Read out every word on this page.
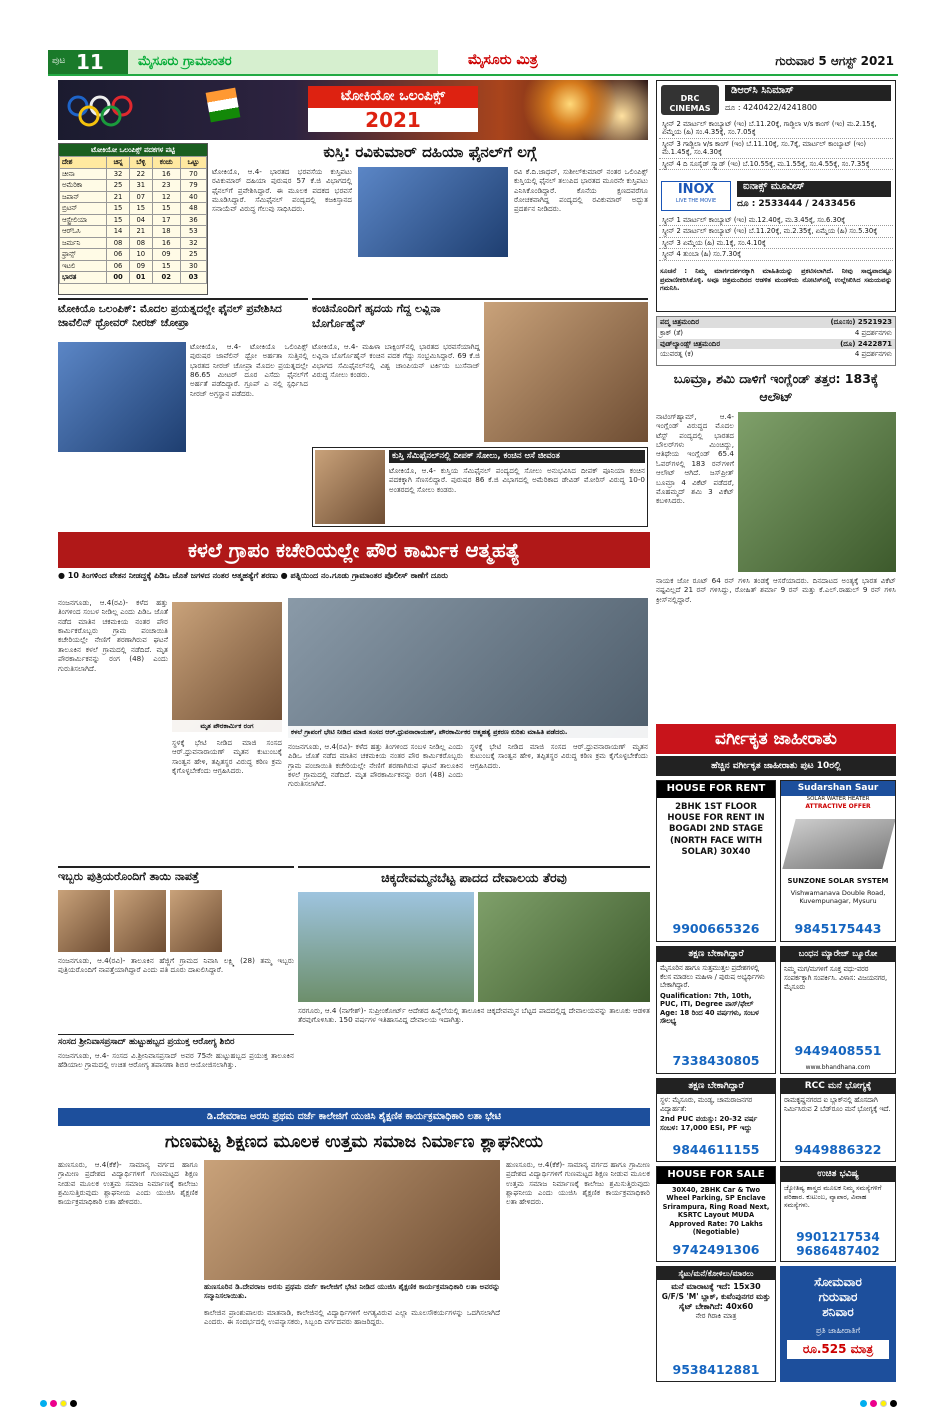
ಪುಟ 11	ಮೈಸೂರು ಗ್ರಾಮಾಂತರ	ಮೈಸೂರು ಮಿತ್ರ	ಗುರುವಾರ 5 ಆಗಸ್ಟ್ 2021
ಟೋಕಿಯೋ ಒಲಂಪಿಕ್ಸ್
2021
ಟೋಕಿಯೋ ಒಲಂಪಿಕ್ಸ್ ಪದಕಗಳ ಪಟ್ಟಿ
ದೇಶ	ಚಿನ್ನ	ಬೆಳ್ಳಿ	ಕಂಚು	ಒಟ್ಟು
ಚೀನಾ	32	22	16	70
ಅಮೆರಿಕಾ	25	31	23	79
ಜಪಾನ್	21	07	12	40
ಬ್ರಿಟನ್	15	15	15	48
ಆಸ್ಟ್ರೇಲಿಯಾ	15	04	17	36
ಆರ್‌ಓಸಿ	14	21	18	53
ಜರ್ಮನಿ	08	08	16	32
ಫ್ರಾನ್ಸ್	06	10	09	25
ಇಟಲಿ	06	09	15	30
ಭಾರತ	00	01	02	03
ಕುಸ್ತಿ: ರವಿಕುಮಾರ್ ದಹಿಯಾ ಫೈನಲ್‌ಗೆ ಲಗ್ಗೆ
ಟೋಕಿಯೊ, ಆ.4- ಭಾರತದ ಭರವಸೆಯ ಕುಸ್ತಿಪಟು ರವಿಕುಮಾರ್ ದಹಿಯಾ ಪುರುಷರ 57 ಕೆ.ಜಿ ವಿಭಾಗದಲ್ಲಿ ಫೈನಲ್‌ಗೆ ಪ್ರವೇಶಿಸಿದ್ದಾರೆ. ಈ ಮೂಲಕ ಪದಕದ ಭರವಸೆ ಮೂಡಿಸಿದ್ದಾರೆ. ಸೆಮಿಫೈನಲ್ ಪಂದ್ಯದಲ್ಲಿ ಕಜಕಿಸ್ತಾನದ ಸನಾಯೆವ್ ವಿರುದ್ಧ ಗೆಲುವು ಸಾಧಿಸಿದರು.
ರವಿ ಕೆ.ದಿ.ಜಾಧವ್, ಸುಶೀಲ್‌ಕುಮಾರ್ ನಂತರ ಒಲಿಂಪಿಕ್ಸ್ ಕುಸ್ತಿಯಲ್ಲಿ ಫೈನಲ್ ತಲುಪಿದ ಭಾರತದ ಮೂರನೇ ಕುಸ್ತಿಪಟು ಎನಿಸಿಕೊಂಡಿದ್ದಾರೆ. ಕೊನೆಯ ಕ್ಷಣದವರೆಗೂ ರೋಚಕವಾಗಿದ್ದ ಪಂದ್ಯದಲ್ಲಿ ರವಿಕುಮಾರ್ ಅದ್ಭುತ ಪ್ರದರ್ಶನ ನೀಡಿದರು.
ಟೋಕಿಯೊ ಒಲಂಪಿಕ್: ಮೊದಲ ಪ್ರಯತ್ನದಲ್ಲೇ ಫೈನಲ್ ಪ್ರವೇಶಿಸಿದ ಜಾವೆಲಿನ್ ಥ್ರೋವರ್ ನೀರಜ್ ಚೋಪ್ರಾ
ಟೋಕಿಯೊ, ಆ.4- ಟೋಕಿಯೊ ಒಲಿಂಪಿಕ್ಸ್ ಪುರುಷರ ಜಾವೆಲಿನ್ ಥ್ರೋ ಅರ್ಹತಾ ಸುತ್ತಿನಲ್ಲಿ ಭಾರತದ ನೀರಜ್ ಚೋಪ್ರಾ ಮೊದಲ ಪ್ರಯತ್ನದಲ್ಲೇ 86.65 ಮೀಟರ್ ದೂರ ಎಸೆದು ಫೈನಲ್‌ಗೆ ಅರ್ಹತೆ ಪಡೆದಿದ್ದಾರೆ. ಗ್ರೂಪ್ ಎ ನಲ್ಲಿ ಸ್ಪರ್ಧಿಸಿದ ನೀರಜ್ ಅಗ್ರಸ್ಥಾನ ಪಡೆದರು.
ಕಂಚಿನೊಂದಿಗೆ ಹೃದಯ ಗೆದ್ದ ಲವ್ಲಿನಾ ಬೊರ್ಗೊಹೈನ್
ಟೋಕಿಯೊ, ಆ.4- ಮಹಿಳಾ ಬಾಕ್ಸಿಂಗ್‌ನಲ್ಲಿ ಭಾರತದ ಭರವಸೆಯಾಗಿದ್ದ ಲವ್ಲಿನಾ ಬೊರ್ಗೊಹೈನ್ ಕಂಚಿನ ಪದಕ ಗೆದ್ದು ಸಂಭ್ರಮಿಸಿದ್ದಾರೆ. 69 ಕೆ.ಜಿ ವಿಭಾಗದ ಸೆಮಿಫೈನಲ್‌ನಲ್ಲಿ ವಿಶ್ವ ಚಾಂಪಿಯನ್ ಟರ್ಕಿಯ ಬುಸೆನಾಜ್ ವಿರುದ್ಧ ಸೋಲು ಕಂಡರು.
ಕುಸ್ತಿ ಸೆಮಿಫೈನಲ್‌ನಲ್ಲಿ ದೀಪಕ್ ಸೋಲು, ಕಂಚಿನ ಆಸೆ ಜೀವಂತ
ಟೋಕಿಯೊ, ಆ.4- ಕುಸ್ತಿಯ ಸೆಮಿಫೈನಲ್ ಪಂದ್ಯದಲ್ಲಿ ಸೋಲು ಅನುಭವಿಸಿದ ದೀಪಕ್ ಪೂನಿಯಾ ಕಂಚಿನ ಪದಕಕ್ಕಾಗಿ ಸೆಣಸಲಿದ್ದಾರೆ. ಪುರುಷರ 86 ಕೆ.ಜಿ ವಿಭಾಗದಲ್ಲಿ ಅಮೆರಿಕಾದ ಡೇವಿಡ್ ಮೋರಿಸ್ ವಿರುದ್ಧ 10-0 ಅಂತರದಲ್ಲಿ ಸೋಲು ಕಂಡರು.
DRC CINEMAS
ಡಿಆರ್‌ಸಿ ಸಿನಿಮಾಸ್
ದೂ : 4240422/4241800
ಸ್ಕ್ರೀನ್ 2 ಮಾರ್ಟಲ್ ಕಾಂಬ್ಯಾಟ್ (ಇಂ) ಬೆ.11.20ಕ್ಕೆ, ಗಾಡ್ಜಿಲಾ v/s ಕಾಂಗ್ (ಇಂ) ಮ.2.15ಕ್ಕೆ, ಏಮ್ಮೆಯ (ಹಿ) ಸಂ.4.35ಕ್ಕೆ, ಸಂ.7.05ಕ್ಕೆ
ಸ್ಕ್ರೀನ್ 3 ಗಾಡ್ಜಿಲಾ v/s ಕಾಂಗ್ (ಇಂ) ಬೆ.11.10ಕ್ಕೆ, ಸಂ.7ಕ್ಕೆ, ಮಾರ್ಟಲ್ ಕಾಂಬ್ಯಾಟ್ (ಇಂ) ಮ.1.45ಕ್ಕೆ, ಸಂ.4.30ಕ್ಕೆ
ಸ್ಕ್ರೀನ್ 4 ದಿ ಸೂಸೈಡ್ ಸ್ಕ್ವಾಡ್ (ಇಂ) ಬೆ.10.55ಕ್ಕೆ, ಮ.1.55ಕ್ಕೆ, ಸಂ.4.55ಕ್ಕೆ, ಸಂ.7.35ಕ್ಕೆ
INOX
LIVE THE MOVIE
ಐನಾಕ್ಸ್ ಮೂವೀಸ್
ದೂ : 2533444 / 2433456
ಸ್ಕ್ರೀನ್ 1 ಮಾರ್ಟಲ್ ಕಾಂಬ್ಯಾಟ್ (ಇಂ) ಮ.12.40ಕ್ಕೆ, ಮ.3.45ಕ್ಕೆ, ಸಂ.6.30ಕ್ಕೆ
ಸ್ಕ್ರೀನ್ 2 ಮಾರ್ಟಲ್ ಕಾಂಬ್ಯಾಟ್ (ಇಂ) ಬೆ.11.20ಕ್ಕೆ, ಮ.2.35ಕ್ಕೆ, ಏಮ್ಮೆಯ (ಹಿ) ಸಂ.5.30ಕ್ಕೆ
ಸ್ಕ್ರೀನ್ 3 ಏಮ್ಮೆಯ (ಹಿ) ಮ.1ಕ್ಕೆ, ಸಂ.4.10ಕ್ಕೆ
ಸ್ಕ್ರೀನ್ 4 ತುಂಬಾ (ಹಿ) ಸಂ.7.30ಕ್ಕೆ
ಸೂಚನೆ : ನಿಮ್ಮ ಮಾರ್ಗದರ್ಶನಕ್ಕಾಗಿ ಮಾಹಿತಿಯನ್ನು ಪ್ರಕಟಿಸಲಾಗಿದೆ. ನೀವು ಸಾಧ್ಯವಾದಷ್ಟೂ ಪ್ರಮಾಣೀಕರಿಸಿಕೊಳ್ಳಿ. ಅವೂ ಚಿತ್ರಮಂದಿರದ ಆಡಳಿತ ಮಂಡಳಿಯ ನೋಟಿಸ್‌ನಲ್ಲಿ ಉಲ್ಲೇಖಿಸಿದ ಸಮಯವನ್ನು ಗಮನಿಸಿ.
ಪದ್ಮ ಚಿತ್ರಮಂದಿರ	(ದೂ:ಸಂ) 2521923
ಕ್ರಾಕ್ (ತೆ)	4 ಪ್ರದರ್ಶನಗಳು
ವುಡ್‌ಲ್ಯಾಂಡ್ಸ್ ಚಿತ್ರಮಂದಿರ	(ದೂ) 2422871
ಯುವರತ್ನ (ಕ)	4 ಪ್ರದರ್ಶನಗಳು
ಬೂಮ್ರಾ, ಶಮಿ ದಾಳಿಗೆ ಇಂಗ್ಲೆಂಡ್ ತತ್ತರ: 183ಕ್ಕೆ ಆಲೌಟ್
ನಾಟಿಂಗ್‌ಹ್ಯಾಮ್, ಆ.4- ಇಂಗ್ಲೆಂಡ್ ವಿರುದ್ಧದ ಮೊದಲ ಟೆಸ್ಟ್ ಪಂದ್ಯದಲ್ಲಿ ಭಾರತದ ಬೌಲರ್‌ಗಳು ಮಿಂಚಿದ್ದು, ಆತಿಥೇಯ ಇಂಗ್ಲೆಂಡ್ 65.4 ಓವರ್‌ಗಳಲ್ಲಿ 183 ರನ್‌ಗಳಿಗೆ ಆಲೌಟ್ ಆಗಿದೆ. ಜಸ್‌ಪ್ರೀತ್ ಬೂಮ್ರಾ 4 ವಿಕೆಟ್ ಪಡೆದರೆ, ಮೊಹಮ್ಮದ್ ಶಮಿ 3 ವಿಕೆಟ್ ಕಬಳಿಸಿದರು.
ನಾಯಕ ಜೋ ರೂಟ್ 64 ರನ್ ಗಳಿಸಿ ತಂಡಕ್ಕೆ ಆಸರೆಯಾದರು. ದಿನದಾಟದ ಅಂತ್ಯಕ್ಕೆ ಭಾರತ ವಿಕೆಟ್ ನಷ್ಟವಿಲ್ಲದೆ 21 ರನ್ ಗಳಿಸಿದ್ದು, ರೋಹಿತ್ ಶರ್ಮಾ 9 ರನ್ ಮತ್ತು ಕೆ.ಎಲ್.ರಾಹುಲ್ 9 ರನ್ ಗಳಿಸಿ ಕ್ರೀಸ್‌ನಲ್ಲಿದ್ದಾರೆ.
ಕಳಲೆ ಗ್ರಾಪಂ ಕಚೇರಿಯಲ್ಲೇ ಪೌರ ಕಾರ್ಮಿಕ ಆತ್ಮಹತ್ಯೆ
● 10 ತಿಂಗಳಿಂದ ವೇತನ ನೀಡದ್ದಕ್ಕೆ ಪಿಡಿಒ ಜೊತೆ ಜಗಳದ ನಂತರ ಆತ್ಮಹತ್ಯೆಗೆ ಶರಣು ● ಪತ್ನಿಯಿಂದ ನಂ.ಗೂಡು ಗ್ರಾಮಾಂತರ ಪೊಲೀಸ್ ಠಾಣೆಗೆ ದೂರು
ನಂಜನಗೂಡು, ಆ.4(ರವಿ)- ಕಳೆದ ಹತ್ತು ತಿಂಗಳಿಂದ ಸಂಬಳ ನೀಡಿಲ್ಲ ಎಂದು ಪಿಡಿಒ ಜೊತೆ ನಡೆದ ಮಾತಿನ ಚಕಮಕಿಯ ನಂತರ ಪೌರ ಕಾರ್ಮಿಕರೊಬ್ಬರು ಗ್ರಾಮ ಪಂಚಾಯಿತಿ ಕಚೇರಿಯಲ್ಲೇ ನೇಣಿಗೆ ಶರಣಾಗಿರುವ ಘಟನೆ ತಾಲೂಕಿನ ಕಳಲೆ ಗ್ರಾಮದಲ್ಲಿ ನಡೆದಿದೆ. ಮೃತ ಪೌರಕಾರ್ಮಿಕನನ್ನು ರಂಗ (48) ಎಂದು ಗುರುತಿಸಲಾಗಿದೆ.
ಮೃತ ಪೌರಕಾರ್ಮಿಕ ರಂಗ
ಸ್ಥಳಕ್ಕೆ ಭೇಟಿ ನೀಡಿದ ಮಾಜಿ ಸಂಸದ ಆರ್.ಧ್ರುವನಾರಾಯಣ್ ಮೃತನ ಕುಟುಂಬಕ್ಕೆ ಸಾಂತ್ವನ ಹೇಳಿ, ತಪ್ಪಿತಸ್ಥರ ವಿರುದ್ಧ ಕಠಿಣ ಕ್ರಮ ಕೈಗೊಳ್ಳಬೇಕೆಂದು ಆಗ್ರಹಿಸಿದರು.
ಕಳಲೆ ಗ್ರಾಪಂಗೆ ಭೇಟಿ ನೀಡಿದ ಮಾಜಿ ಸಂಸದ ಆರ್.ಧ್ರುವನಾರಾಯಣ್, ಪೌರಕಾರ್ಮಿಕರ ಆತ್ಮಹತ್ಯೆ ಪ್ರಕರಣ ಕುರಿತು ಮಾಹಿತಿ ಪಡೆದರು.
ನಂಜನಗೂಡು, ಆ.4(ರವಿ)- ಕಳೆದ ಹತ್ತು ತಿಂಗಳಿಂದ ಸಂಬಳ ನೀಡಿಲ್ಲ ಎಂದು ಪಿಡಿಒ ಜೊತೆ ನಡೆದ ಮಾತಿನ ಚಕಮಕಿಯ ನಂತರ ಪೌರ ಕಾರ್ಮಿಕರೊಬ್ಬರು ಗ್ರಾಮ ಪಂಚಾಯಿತಿ ಕಚೇರಿಯಲ್ಲೇ ನೇಣಿಗೆ ಶರಣಾಗಿರುವ ಘಟನೆ ತಾಲೂಕಿನ ಕಳಲೆ ಗ್ರಾಮದಲ್ಲಿ ನಡೆದಿದೆ. ಮೃತ ಪೌರಕಾರ್ಮಿಕನನ್ನು ರಂಗ (48) ಎಂದು ಗುರುತಿಸಲಾಗಿದೆ.
ಸ್ಥಳಕ್ಕೆ ಭೇಟಿ ನೀಡಿದ ಮಾಜಿ ಸಂಸದ ಆರ್.ಧ್ರುವನಾರಾಯಣ್ ಮೃತನ ಕುಟುಂಬಕ್ಕೆ ಸಾಂತ್ವನ ಹೇಳಿ, ತಪ್ಪಿತಸ್ಥರ ವಿರುದ್ಧ ಕಠಿಣ ಕ್ರಮ ಕೈಗೊಳ್ಳಬೇಕೆಂದು ಆಗ್ರಹಿಸಿದರು.
ಇಬ್ಬರು ಪುತ್ರಿಯರೊಂದಿಗೆ ತಾಯಿ ನಾಪತ್ತೆ
ನಂಜನಗೂಡು, ಆ.4(ರವಿ)- ತಾಲೂಕಿನ ಹೆಜ್ಜಿಗೆ ಗ್ರಾಮದ ನಿವಾಸಿ ಲಕ್ಷ್ಮಿ (28) ತಮ್ಮ ಇಬ್ಬರು ಪುತ್ರಿಯರೊಂದಿಗೆ ನಾಪತ್ತೆಯಾಗಿದ್ದಾರೆ ಎಂದು ಪತಿ ದೂರು ದಾಖಲಿಸಿದ್ದಾರೆ.
ಚಿಕ್ಕದೇವಮ್ಮನಬೆಟ್ಟ ಪಾದದ ದೇವಾಲಯ ತೆರವು
ಸರಗೂರು, ಆ.4 (ನಾಗೇಶ್)- ಸುಪ್ರೀಂಕೋರ್ಟ್ ಆದೇಶದ ಹಿನ್ನೆಲೆಯಲ್ಲಿ ತಾಲೂಕಿನ ಚಿಕ್ಕದೇವಮ್ಮನ ಬೆಟ್ಟದ ಪಾದದಲ್ಲಿದ್ದ ದೇವಾಲಯವನ್ನು ತಾಲೂಕು ಆಡಳಿತ ತೆರವುಗೊಳಿಸಿತು. 150 ವರ್ಷಗಳ ಇತಿಹಾಸವಿದ್ದ ದೇವಾಲಯ ಇದಾಗಿತ್ತು.
ಸಂಸದ ಶ್ರೀನಿವಾಸಪ್ರಸಾದ್ ಹುಟ್ಟುಹಬ್ಬದ ಪ್ರಯುಕ್ತ ಆರೋಗ್ಯ ಶಿಬಿರ
ನಂಜನಗೂಡು, ಆ.4- ಸಂಸದ ವಿ.ಶ್ರೀನಿವಾಸಪ್ರಸಾದ್ ಅವರ 75ನೇ ಹುಟ್ಟುಹಬ್ಬದ ಪ್ರಯುಕ್ತ ತಾಲೂಕಿನ ಹೆಡಿಯಾಲ ಗ್ರಾಮದಲ್ಲಿ ಉಚಿತ ಆರೋಗ್ಯ ತಪಾಸಣಾ ಶಿಬಿರ ಆಯೋಜಿಸಲಾಗಿತ್ತು.
ಡಿ.ದೇವರಾಜ ಅರಸು ಪ್ರಥಮ ದರ್ಜೆ ಕಾಲೇಜಿಗೆ ಯುಜಿಸಿ ಶೈಕ್ಷಣಿಕ ಕಾರ್ಯಕ್ರಮಾಧಿಕಾರಿ ಲತಾ ಭೇಟಿ
ಗುಣಮಟ್ಟ ಶಿಕ್ಷಣದ ಮೂಲಕ ಉತ್ತಮ ಸಮಾಜ ನಿರ್ಮಾಣ ಶ್ಲಾಘನೀಯ
ಹುಣಸೂರು, ಆ.4(ಕೆಕೆ)- ಸಾಮಾನ್ಯ ವರ್ಗದ ಹಾಗೂ ಗ್ರಾಮೀಣ ಪ್ರದೇಶದ ವಿದ್ಯಾರ್ಥಿಗಳಿಗೆ ಗುಣಮಟ್ಟದ ಶಿಕ್ಷಣ ನೀಡುವ ಮೂಲಕ ಉತ್ತಮ ಸಮಾಜ ನಿರ್ಮಾಣಕ್ಕೆ ಕಾಲೇಜು ಶ್ರಮಿಸುತ್ತಿರುವುದು ಶ್ಲಾಘನೀಯ ಎಂದು ಯುಜಿಸಿ ಶೈಕ್ಷಣಿಕ ಕಾರ್ಯಕ್ರಮಾಧಿಕಾರಿ ಲತಾ ಹೇಳಿದರು.
ಹುಣಸೂರಿನ ಡಿ.ದೇವರಾಜ ಅರಸು ಪ್ರಥಮ ದರ್ಜೆ ಕಾಲೇಜಿಗೆ ಭೇಟಿ ನೀಡಿದ ಯುಜಿಸಿ ಶೈಕ್ಷಣಿಕ ಕಾರ್ಯಕ್ರಮಾಧಿಕಾರಿ ಲತಾ ಅವರನ್ನು ಸನ್ಮಾನಿಸಲಾಯಿತು.
ಕಾಲೇಜಿನ ಪ್ರಾಂಶುಪಾಲರು ಮಾತನಾಡಿ, ಕಾಲೇಜಿನಲ್ಲಿ ವಿದ್ಯಾರ್ಥಿಗಳಿಗೆ ಅಗತ್ಯವಿರುವ ಎಲ್ಲಾ ಮೂಲಸೌಕರ್ಯಗಳನ್ನು ಒದಗಿಸಲಾಗಿದೆ ಎಂದರು. ಈ ಸಂದರ್ಭದಲ್ಲಿ ಉಪನ್ಯಾಸಕರು, ಸಿಬ್ಬಂದಿ ವರ್ಗದವರು ಹಾಜರಿದ್ದರು.
ಹುಣಸೂರು, ಆ.4(ಕೆಕೆ)- ಸಾಮಾನ್ಯ ವರ್ಗದ ಹಾಗೂ ಗ್ರಾಮೀಣ ಪ್ರದೇಶದ ವಿದ್ಯಾರ್ಥಿಗಳಿಗೆ ಗುಣಮಟ್ಟದ ಶಿಕ್ಷಣ ನೀಡುವ ಮೂಲಕ ಉತ್ತಮ ಸಮಾಜ ನಿರ್ಮಾಣಕ್ಕೆ ಕಾಲೇಜು ಶ್ರಮಿಸುತ್ತಿರುವುದು ಶ್ಲಾಘನೀಯ ಎಂದು ಯುಜಿಸಿ ಶೈಕ್ಷಣಿಕ ಕಾರ್ಯಕ್ರಮಾಧಿಕಾರಿ ಲತಾ ಹೇಳಿದರು.
ವರ್ಗೀಕೃತ ಜಾಹೀರಾತು
ಹೆಚ್ಚಿನ ವರ್ಗೀಕೃತ ಜಾಹೀರಾತು ಪುಟ 10ರಲ್ಲಿ
HOUSE FOR RENT
2BHK 1ST FLOOR HOUSE FOR RENT IN BOGADI 2ND STAGE (NORTH FACE WITH SOLAR) 30X40
9900665326
Sudarshan Saur
SOLAR WATER HEATER
ATTRACTIVE OFFER
SUNZONE SOLAR SYSTEM
Vishwamanava Double Road, Kuvempunagar, Mysuru
9845175443
ತಕ್ಷಣ ಬೇಕಾಗಿದ್ದಾರೆ
ಮೈಸೂರಿನ ಹಾಗೂ ಸುತ್ತಮುತ್ತಲ ಪ್ರದೇಶಗಳಲ್ಲಿ ಕೆಲಸ ಮಾಡಲು ಮಹಿಳಾ / ಪುರುಷ ಅಭ್ಯರ್ಥಿಗಳು ಬೇಕಾಗಿದ್ದಾರೆ.
Qualification: 7th, 10th, PUC, ITI, Degree ಪಾಸ್/ಫೇಲ್ Age: 18 ರಿಂದ 40 ವರ್ಷಗಳು, ಸಂಬಳ ಸೌಲಭ್ಯ
7338430805
ಬಂಧನ ಮ್ಯಾರೇಜ್ ಬ್ಯೂರೋ
ನಿಮ್ಮ ಮಗ/ಮಗಳಿಗೆ ಸೂಕ್ತ ವಧು-ವರರ ಸಂಪರ್ಕಕ್ಕಾಗಿ ಸಂಪರ್ಕಿಸಿ. ವಿಳಾಸ: ವಿಜಯನಗರ, ಮೈಸೂರು
9449408551
www.bhandhana.com
ತಕ್ಷಣ ಬೇಕಾಗಿದ್ದಾರೆ
ಸ್ಥಳ: ಮೈಸೂರು, ಮಂಡ್ಯ, ಚಾಮರಾಜನಗರ ವಿದ್ಯಾರ್ಹತೆ:
2nd PUC ವಯಸ್ಸು: 20-32 ವರ್ಷ ಸಂಬಳ: 17,000 ESI, PF ಇದ್ದು
9844611155
RCC ಮನೆ ಭೋಗ್ಯಕ್ಕೆ
ರಾಮಕೃಷ್ಣನಗರದ ಐ ಬ್ಲಾಕ್‌ನಲ್ಲಿ ಹೊಸದಾಗಿ ನಿರ್ಮಿಸಿರುವ 2 ಬೆಡ್‌ರೂಂ ಮನೆ ಭೋಗ್ಯಕ್ಕೆ ಇದೆ.
9449886322
HOUSE FOR SALE
30X40, 2BHK Car & Two Wheel Parking, SP Enclave Srirampura, Ring Road Next, KSRTC Layout MUDA Approved Rate: 70 Lakhs (Negotiable)
9742491306
ಉಚಿತ ಭವಿಷ್ಯ
ಜ್ಯೋತಿಷ್ಯ ಶಾಸ್ತ್ರದ ಮೂಲಕ ನಿಮ್ಮ ಸಮಸ್ಯೆಗಳಿಗೆ ಪರಿಹಾರ. ಕುಟುಂಬ, ವ್ಯಾಪಾರ, ವಿವಾಹ ಸಮಸ್ಯೆಗಳು.
9901217534
9686487402
ಸೈಟು/ಮನೆ/ಕೋಳಿಲು/ಮಾರಲು
ಮನೆ ಮಾರಾಟಕ್ಕೆ ಇದೆ: 15x30
G/F/S 'M' ಬ್ಲಾಕ್, ಕುವೆಂಪುನಗರ ಮತ್ತು
ಸೈಟ್ ಬೇಕಾಗಿದೆ: 40x60
ನೇರ ಗಿರಾಕಿ ಮಾತ್ರ
9538412881
ಸೋಮವಾರ
ಗುರುವಾರ
ಶನಿವಾರ
ಪ್ರತಿ ಜಾಹೀರಾತಿಗೆ
ರೂ.525 ಮಾತ್ರ
